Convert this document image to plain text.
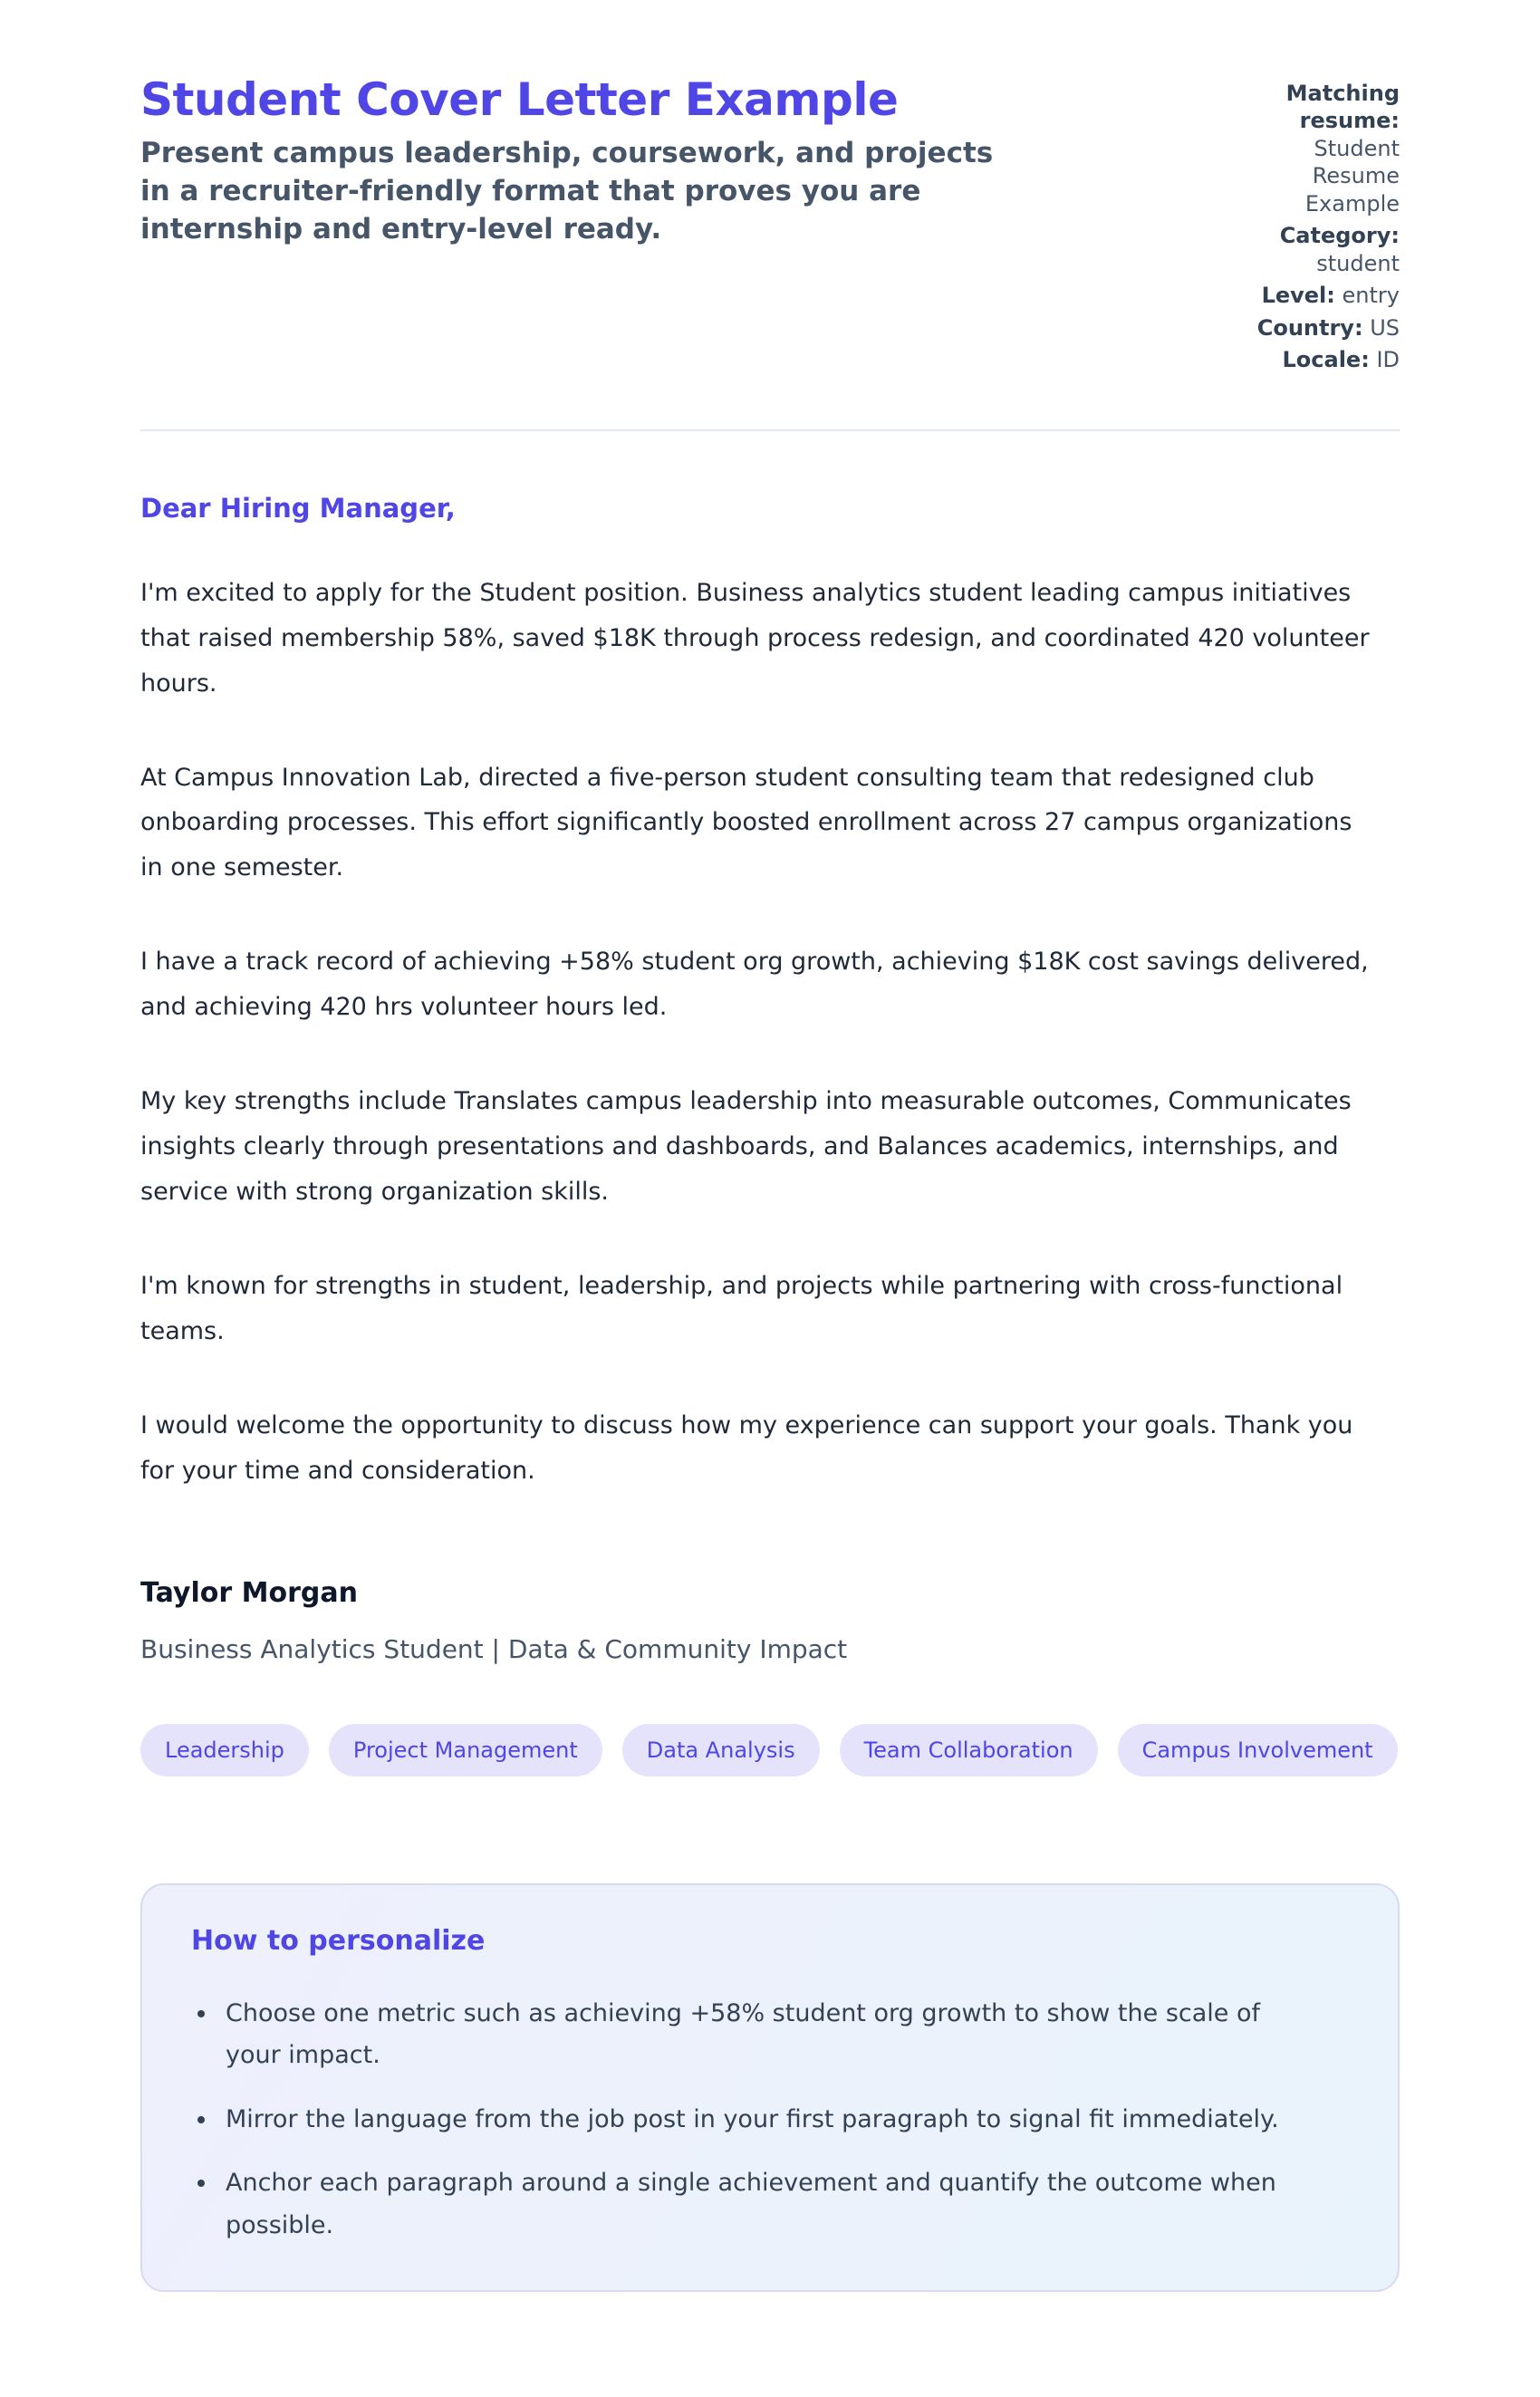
Student Cover Letter Example
Present campus leadership, coursework, and projects in a recruiter-friendly format that proves you are internship and entry-level ready.
Matching resume:Student Resume Example
Category:student
Level: entry
Country: US
Locale: ID
Dear Hiring Manager,

I'm excited to apply for the Student position. Business analytics student leading campus initiatives that raised membership 58%, saved $18K through process redesign, and coordinated 420 volunteer hours.

At Campus Innovation Lab, directed a five-person student consulting team that redesigned club onboarding processes. This effort significantly boosted enrollment across 27 campus organizations in one semester.

I have a track record of achieving +58% student org growth, achieving $18K cost savings delivered, and achieving 420 hrs volunteer hours led.

My key strengths include Translates campus leadership into measurable outcomes, Communicates insights clearly through presentations and dashboards, and Balances academics, internships, and service with strong organization skills.

I'm known for strengths in student, leadership, and projects while partnering with cross-functional teams.

I would welcome the opportunity to discuss how my experience can support your goals. Thank you for your time and consideration.

Taylor Morgan
Business Analytics Student | Data & Community Impact
Leadership	Project Management	Data Analysis	Team Collaboration	Campus Involvement
How to personalize
• Choose one metric such as achieving +58% student org growth to show the scale of your impact.
• Mirror the language from the job post in your first paragraph to signal fit immediately.
• Anchor each paragraph around a single achievement and quantify the outcome when possible.
